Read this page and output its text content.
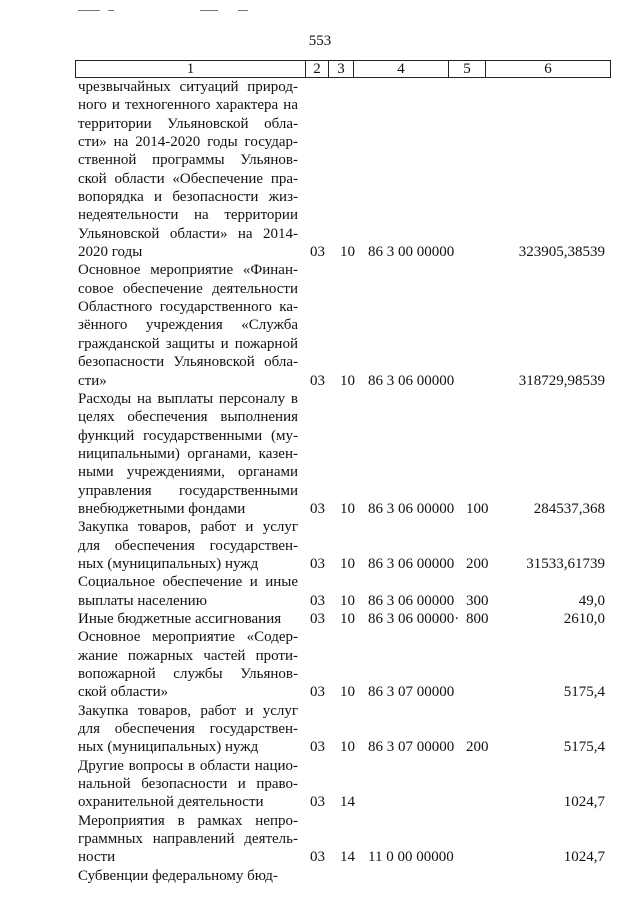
553
1	2	3	4	5	6
чрезвычайных ситуаций природ-
ного и техногенного характера на
территории Ульяновской обла-
сти» на 2014-2020 годы государ-
ственной программы Ульянов-
ской области «Обеспечение пра-
вопорядка и безопасности жиз-
недеятельности на территории
Ульяновской области» на 2014-
2020 годы	03 10 86 3 00 00000	323905,38539
Основное мероприятие «Финан-
совое обеспечение деятельности
Областного государственного ка-
зённого учреждения «Служба
гражданской защиты и пожарной
безопасности Ульяновской обла-
сти»	03 10 86 3 06 00000	318729,98539
Расходы на выплаты персоналу в
целях обеспечения выполнения
функций государственными (му-
ниципальными) органами, казен-
ными учреждениями, органами
управления государственными
внебюджетными фондами	03 10 86 3 06 00000 100	284537,368
Закупка товаров, работ и услуг
для обеспечения государствен-
ных (муниципальных) нужд	03 10 86 3 06 00000 200	31533,61739
Социальное обеспечение и иные
выплаты населению	03 10 86 3 06 00000 300	49,0
Иные бюджетные ассигнования	03 10 86 3 06 00000· 800	2610,0
Основное мероприятие «Содер-
жание пожарных частей проти-
вопожарной службы Ульянов-
ской области»	03 10 86 3 07 00000	5175,4
Закупка товаров, работ и услуг
для обеспечения государствен-
ных (муниципальных) нужд	03 10 86 3 07 00000 200	5175,4
Другие вопросы в области нацио-
нальной безопасности и право-
охранительной деятельности	03 14	1024,7
Мероприятия в рамках непро-
граммных направлений деятель-
ности	03 14 11 0 00 00000	1024,7
Субвенции федеральному бюд-
